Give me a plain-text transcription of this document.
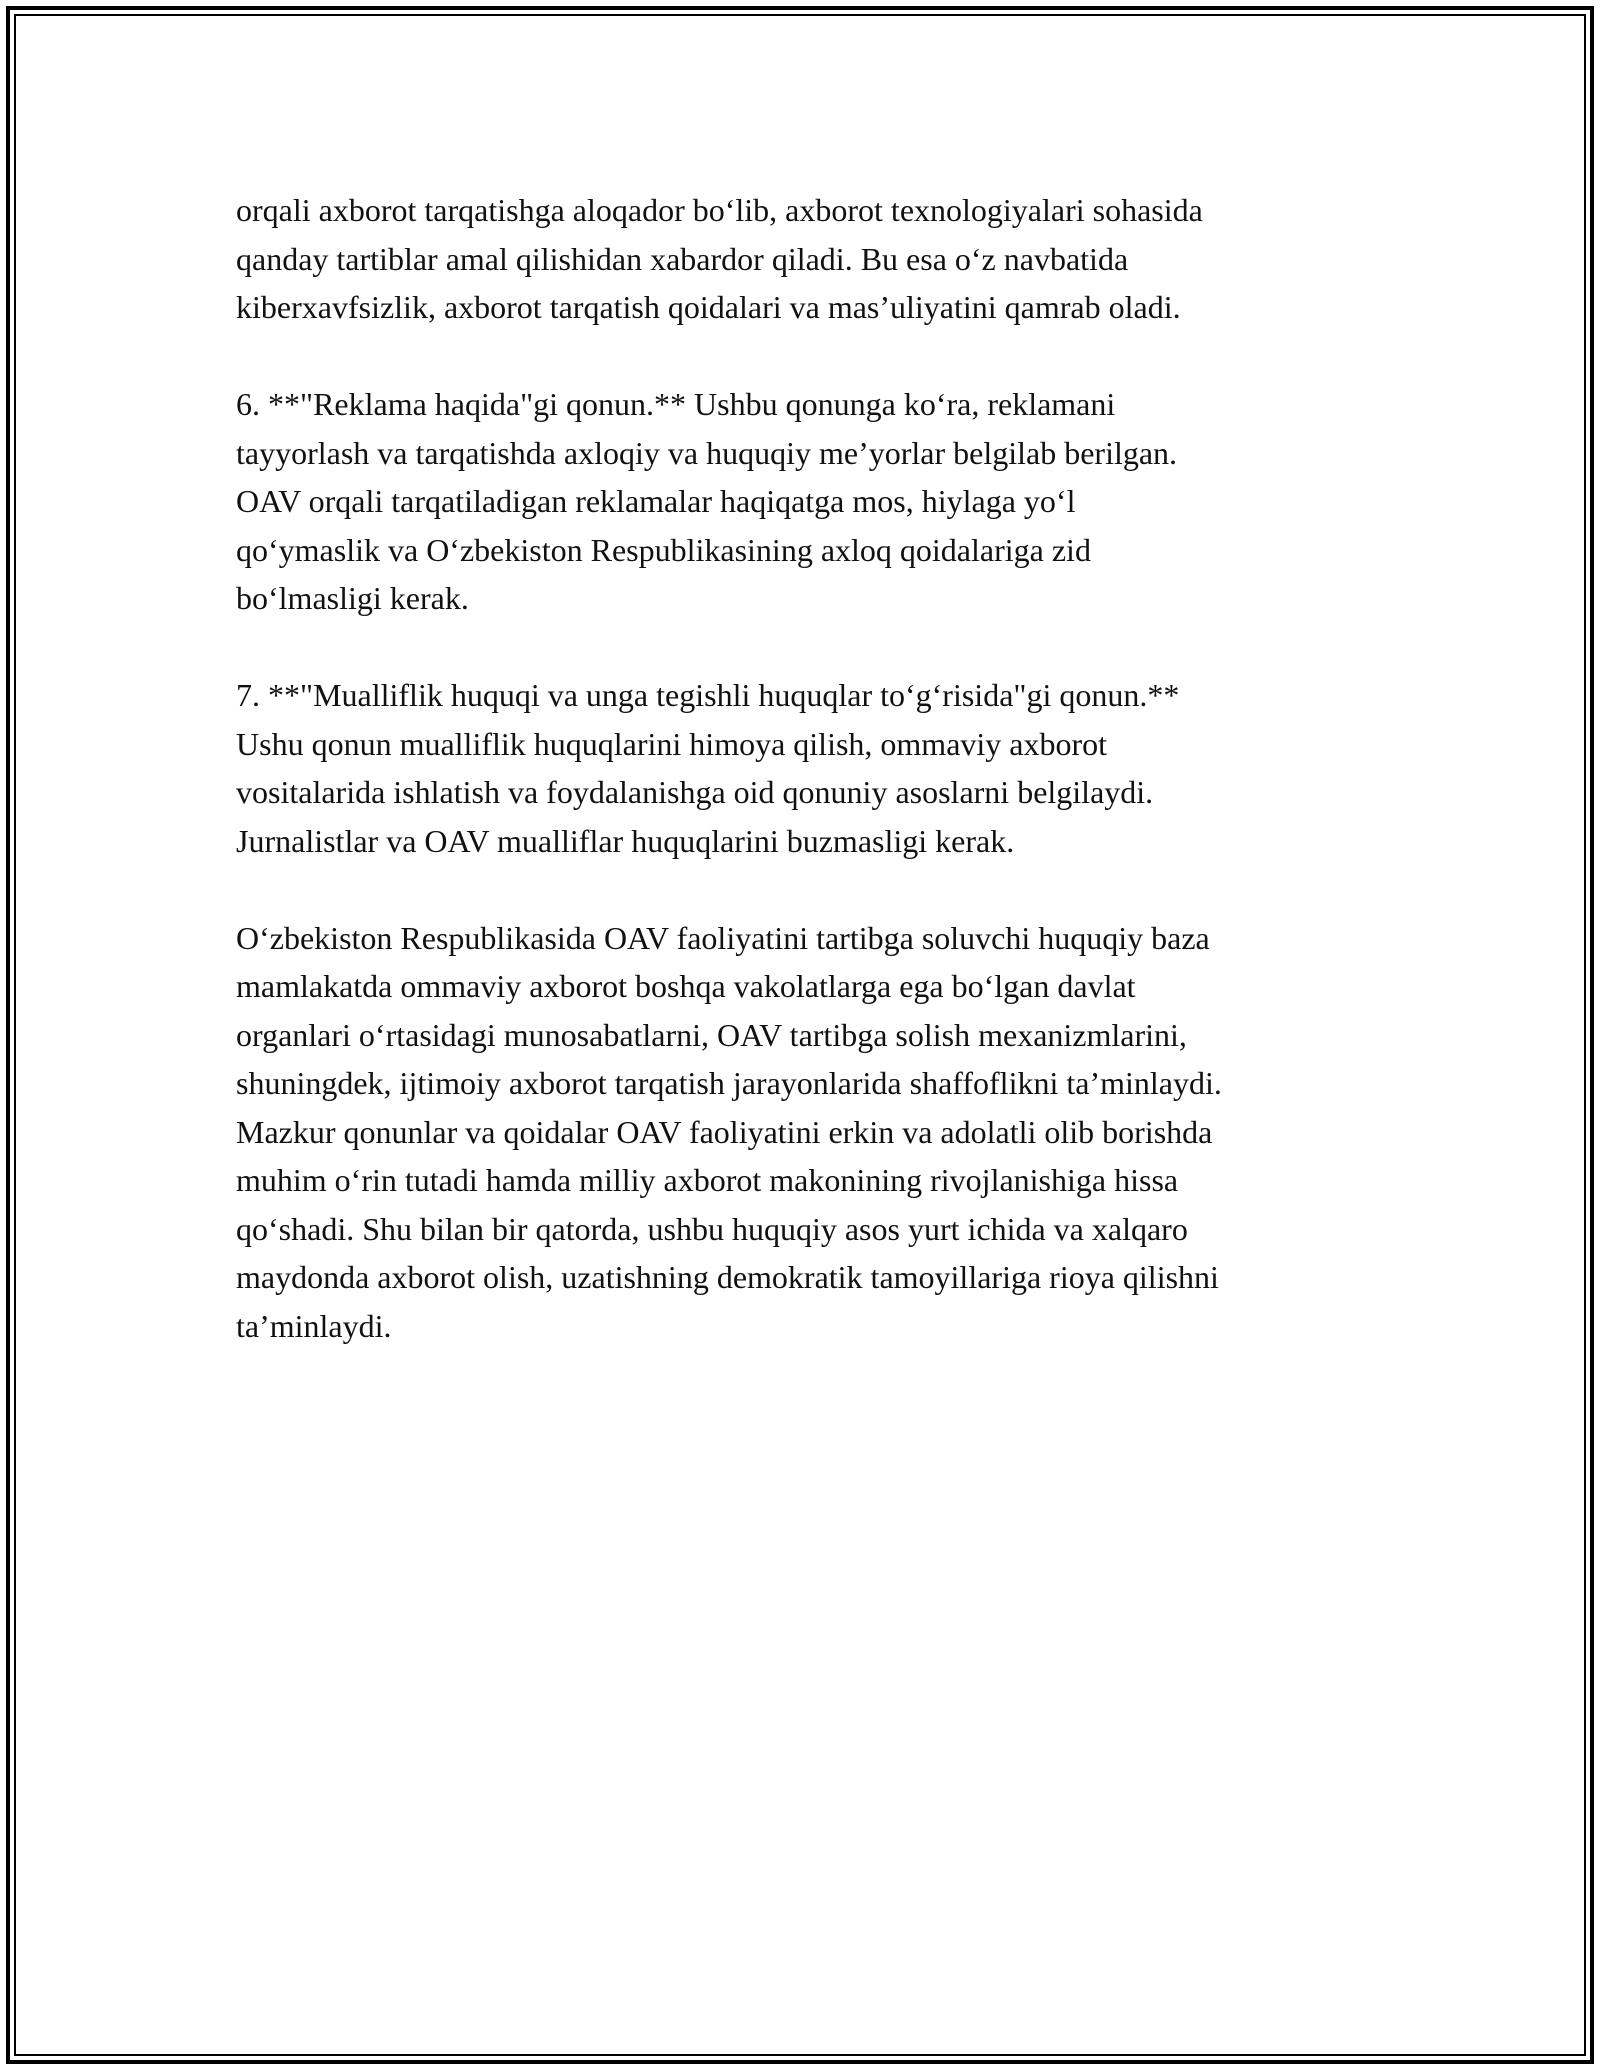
orqali axborot tarqatishga aloqador bo‘lib, axborot texnologiyalari sohasida
qanday tartiblar amal qilishidan xabardor qiladi. Bu esa o‘z navbatida
kiberxavfsizlik, axborot tarqatish qoidalari va mas’uliyatini qamrab oladi.

6. **"Reklama haqida"gi qonun.** Ushbu qonunga ko‘ra, reklamani
tayyorlash va tarqatishda axloqiy va huquqiy me’yorlar belgilab berilgan.
OAV orqali tarqatiladigan reklamalar haqiqatga mos, hiylaga yo‘l
qo‘ymaslik va O‘zbekiston Respublikasining axloq qoidalariga zid
bo‘lmasligi kerak.

7. **"Mualliflik huquqi va unga tegishli huquqlar to‘g‘risida"gi qonun.**
Ushu qonun mualliflik huquqlarini himoya qilish, ommaviy axborot
vositalarida ishlatish va foydalanishga oid qonuniy asoslarni belgilaydi.
Jurnalistlar va OAV mualliflar huquqlarini buzmasligi kerak.

O‘zbekiston Respublikasida OAV faoliyatini tartibga soluvchi huquqiy baza
mamlakatda ommaviy axborot boshqa vakolatlarga ega bo‘lgan davlat
organlari o‘rtasidagi munosabatlarni, OAV tartibga solish mexanizmlarini,
shuningdek, ijtimoiy axborot tarqatish jarayonlarida shaffoflikni ta’minlaydi.
Mazkur qonunlar va qoidalar OAV faoliyatini erkin va adolatli olib borishda
muhim o‘rin tutadi hamda milliy axborot makonining rivojlanishiga hissa
qo‘shadi. Shu bilan bir qatorda, ushbu huquqiy asos yurt ichida va xalqaro
maydonda axborot olish, uzatishning demokratik tamoyillariga rioya qilishni
ta’minlaydi.
